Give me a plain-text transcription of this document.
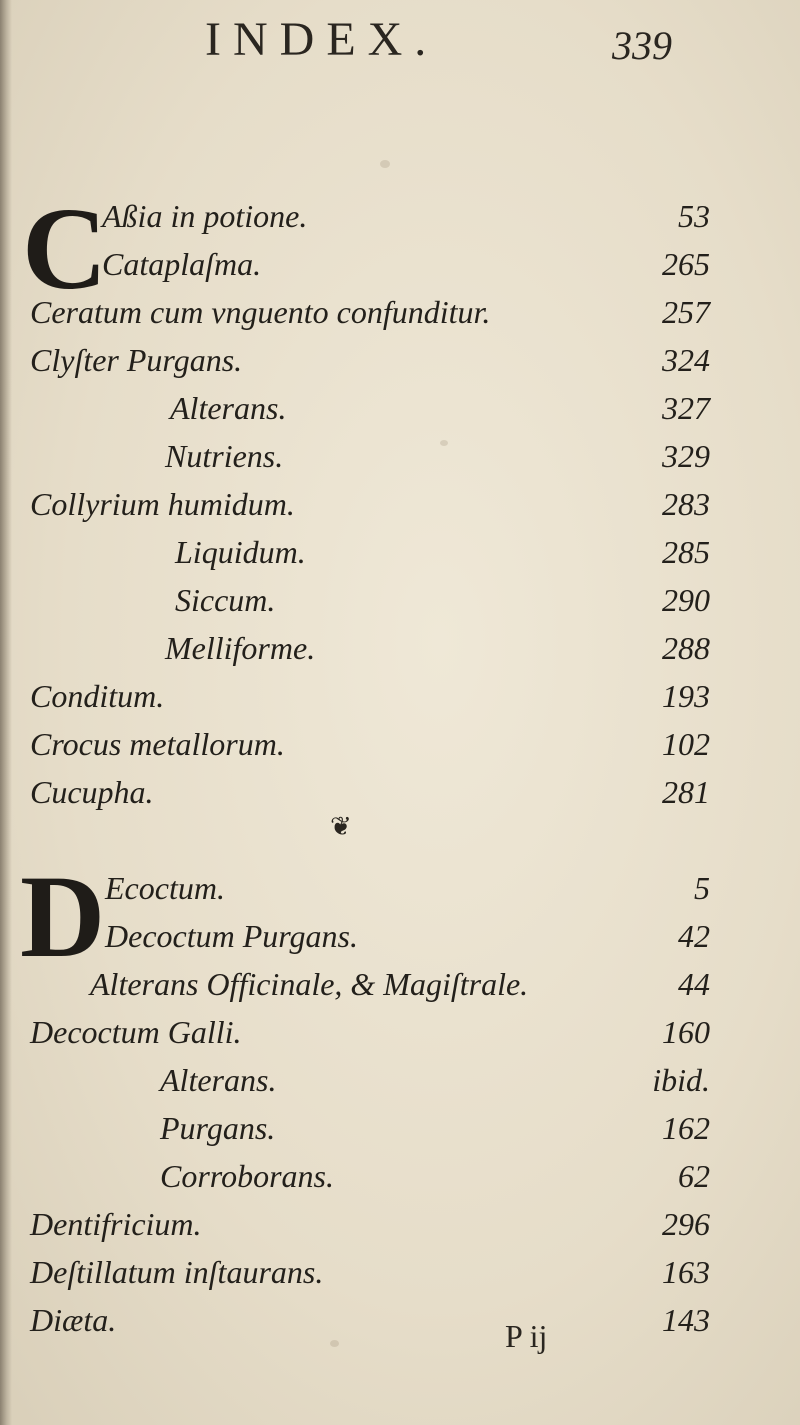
INDEX.	339
C
Aßia in potione.	53
Cataplaſma.	265
Ceratum cum vnguento confunditur.	257
Clyſter Purgans.	324
Alterans.	327
Nutriens.	329
Collyrium humidum.	283
Liquidum.	285
Siccum.	290
Melliforme.	288
Conditum.	193
Crocus metallorum.	102
Cucupha.	281
❦
D Ecoctum.	5
Decoctum Purgans.	42
Alterans Officinale, & Magiſtrale.	44
Decoctum Galli.	160
Alterans.	ibid.
Purgans.	162
Corroborans.	62
Dentifricium.	296
Deſtillatum inſtaurans.	163
Diæta.	143
P ij
